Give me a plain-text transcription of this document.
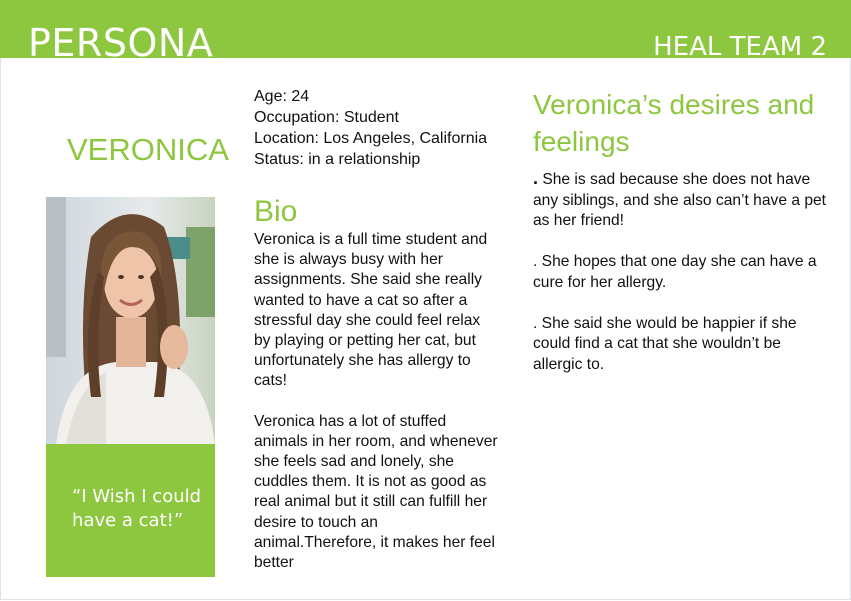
PERSONA	HEAL TEAM 2
VERONICA
“I Wish I could
have a cat!”
Age: 24
Occupation: Student
Location: Los Angeles, California
Status: in a relationship
Bio

Veronica is a full time student and she is always busy with her assignments. She said she really wanted to have a cat so after a stressful day she could feel relax by playing or petting her cat, but unfortunately she has allergy to cats!

Veronica has a lot of stuffed animals in her room, and whenever she feels sad and lonely, she cuddles them. It is not as good as real animal but it still can fulfill her desire to touch an animal.Therefore, it makes her feel better

Veronica’s desires and feelings

. She is sad because she does not have any siblings, and she also can’t have a pet as her friend!

. She hopes that one day she can have a cure for her allergy.

. She said she would be happier if she could find a cat that she wouldn’t be allergic to.
